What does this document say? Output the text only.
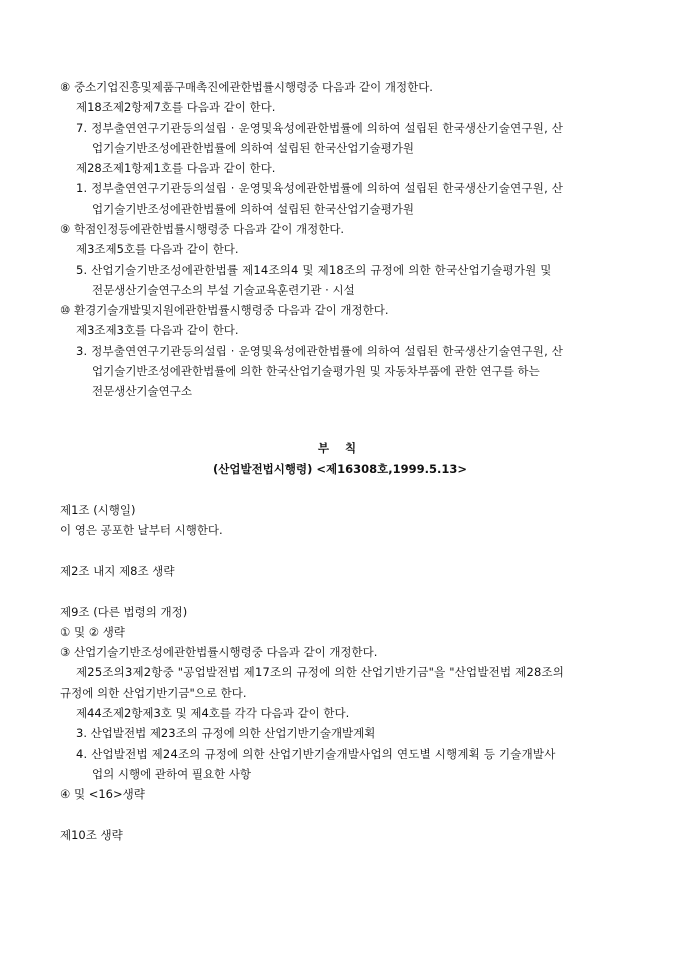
⑧ 중소기업진흥및제품구매촉진에관한법률시행령중 다음과 같이 개정한다.
제18조제2항제7호를 다음과 같이 한다.
7. 정부출연연구기관등의설립 · 운영및육성에관한법률에 의하여 설립된 한국생산기술연구원, 산
업기술기반조성에관한법률에 의하여 설립된 한국산업기술평가원
제28조제1항제1호를 다음과 같이 한다.
1. 정부출연연구기관등의설립 · 운영및육성에관한법률에 의하여 설립된 한국생산기술연구원, 산
업기술기반조성에관한법률에 의하여 설립된 한국산업기술평가원
⑨ 학점인정등에관한법률시행령중 다음과 같이 개정한다.
제3조제5호를 다음과 같이 한다.
5. 산업기술기반조성에관한법률 제14조의4 및 제18조의 규정에 의한 한국산업기술평가원 및
전문생산기술연구소의 부설 기술교육훈련기관 · 시설
⑩ 환경기술개발및지원에관한법률시행령중 다음과 같이 개정한다.
제3조제3호를 다음과 같이 한다.
3. 정부출연연구기관등의설립 · 운영및육성에관한법률에 의하여 설립된 한국생산기술연구원, 산
업기술기반조성에관한법률에 의한 한국산업기술평가원 및 자동차부품에 관한 연구를 하는
전문생산기술연구소
부 칙
(산업발전법시행령) <제16308호,1999.5.13>
제1조 (시행일)
이 영은 공포한 날부터 시행한다.
제2조 내지 제8조 생략
제9조 (다른 법령의 개정)
① 및 ② 생략
③ 산업기술기반조성에관한법률시행령중 다음과 같이 개정한다.
제25조의3제2항중 "공업발전법 제17조의 규정에 의한 산업기반기금"을 "산업발전법 제28조의
규정에 의한 산업기반기금"으로 한다.
제44조제2항제3호 및 제4호를 각각 다음과 같이 한다.
3. 산업발전법 제23조의 규정에 의한 산업기반기술개발계획
4. 산업발전법 제24조의 규정에 의한 산업기반기술개발사업의 연도별 시행계획 등 기술개발사
업의 시행에 관하여 필요한 사항
④ 및 <16>생략
제10조 생략
